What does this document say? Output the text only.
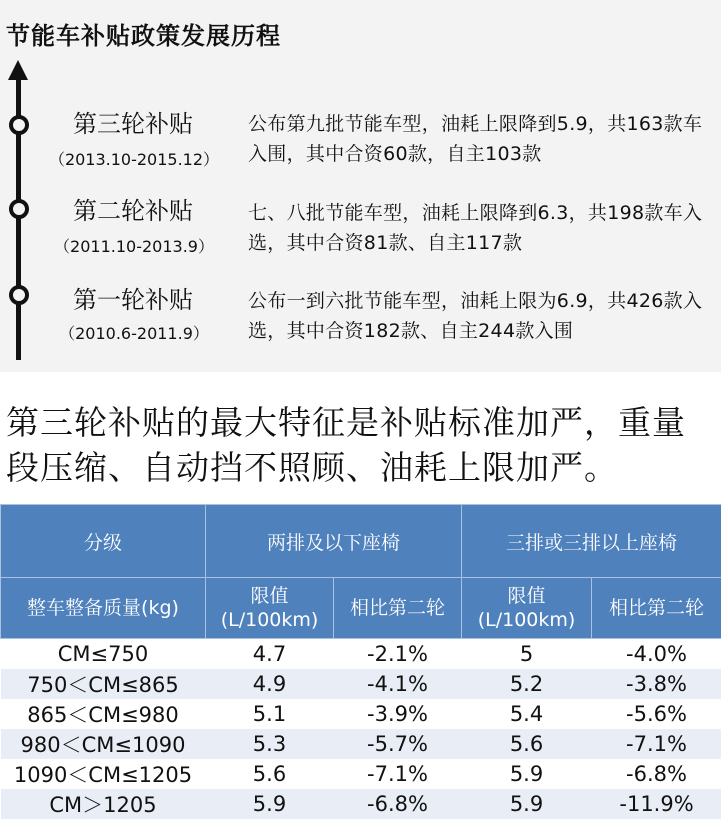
节能车补贴政策发展历程
第三轮补贴
（2013.10-2015.12）
公布第九批节能车型，油耗上限降到5.9，共163款车入围，其中合资60款，自主103款
第二轮补贴
（2011.10-2013.9）
七、八批节能车型，油耗上限降到6.3，共198款车入选，其中合资81款、自主117款
第一轮补贴
（2010.6-2011.9）
公布一到六批节能车型，油耗上限为6.9，共426款入选，其中合资182款、自主244款入围
第三轮补贴的最大特征是补贴标准加严，重量段压缩、自动挡不照顾、油耗上限加严。
分级	两排及以下座椅		三排或三排以上座椅	
整车整备质量(kg)	限值(L/100km)	相比第二轮	限值(L/100km)	相比第二轮
CM≤750	4.7	-2.1%	5	-4.0%
750＜CM≤865	4.9	-4.1%	5.2	-3.8%
865＜CM≤980	5.1	-3.9%	5.4	-5.6%
980＜CM≤1090	5.3	-5.7%	5.6	-7.1%
1090＜CM≤1205	5.6	-7.1%	5.9	-6.8%
CM＞1205	5.9	-6.8%	5.9	-11.9%
